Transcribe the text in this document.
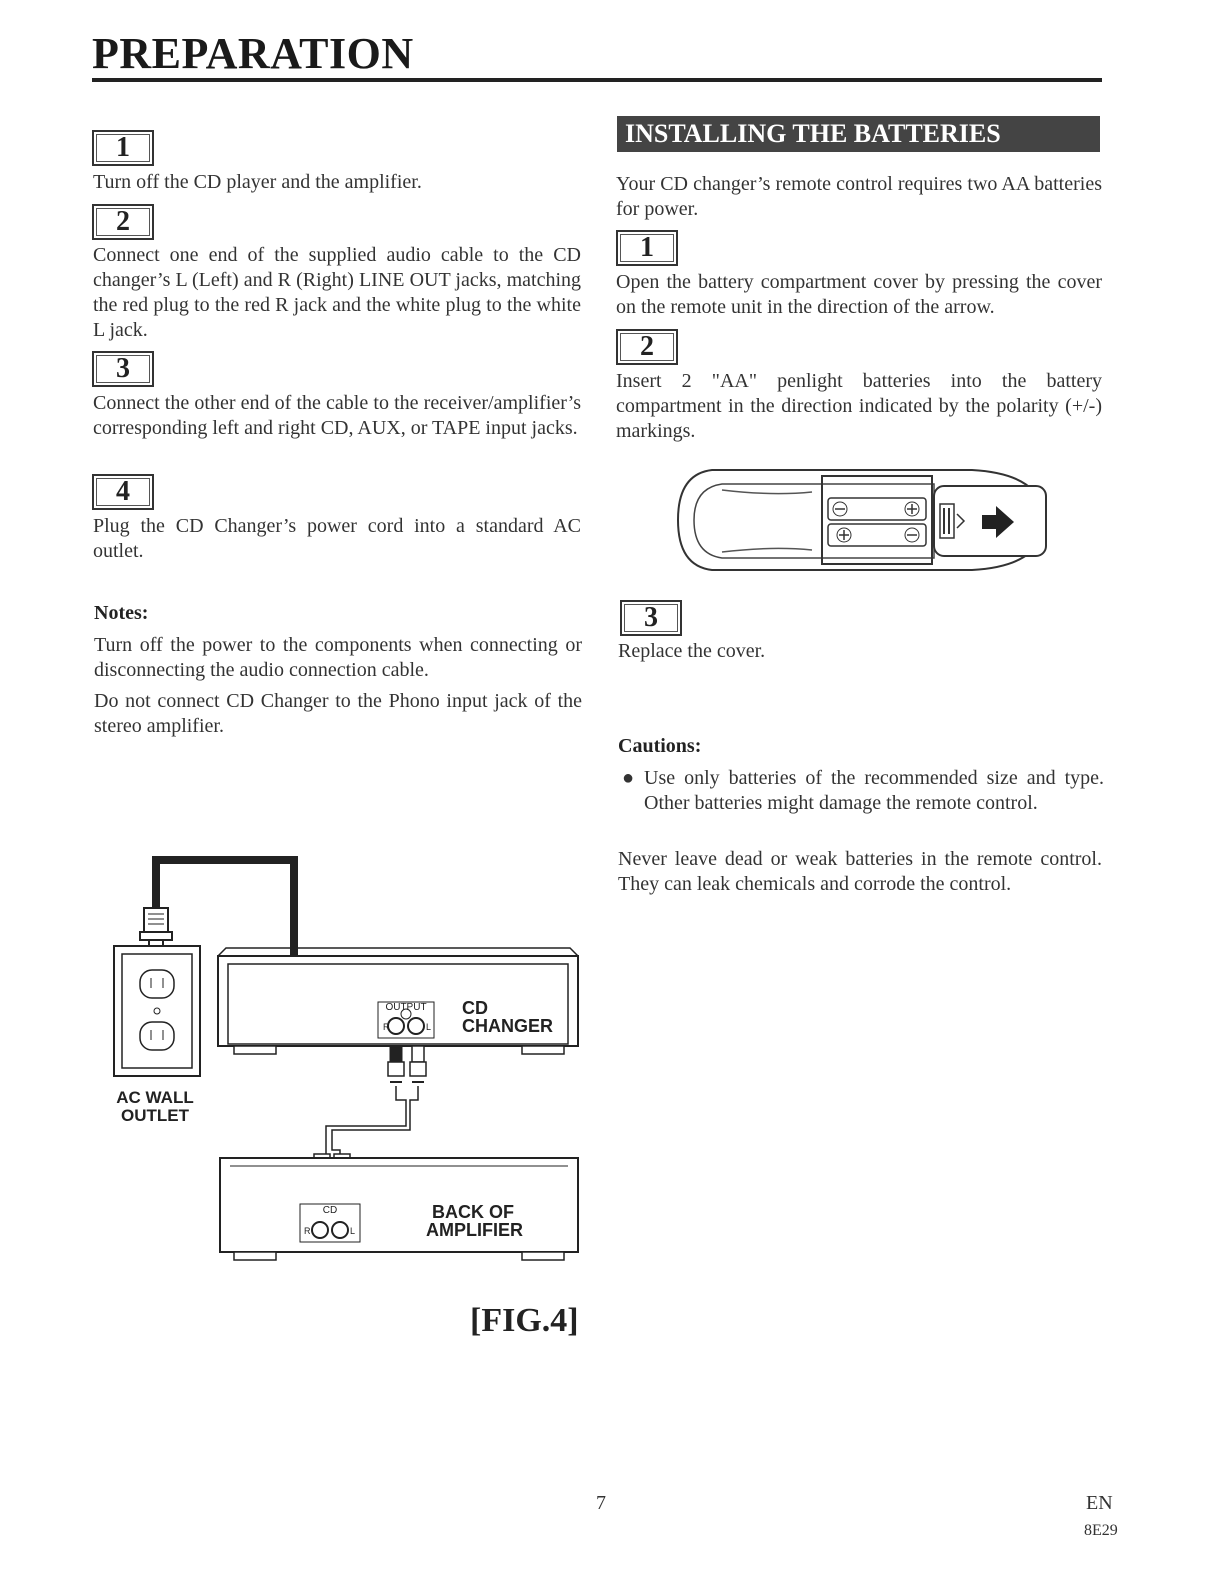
PREPARATION
1
Turn off the CD player and the amplifier.
2
Connect one end of the supplied audio cable to the CD changer’s L (Left) and R (Right) LINE OUT jacks, matching the red plug to the red R jack and the white plug to the white L jack.
3
Connect the other end of the cable to the receiver/amplifier’s corresponding left and right CD, AUX, or TAPE input jacks.
4
Plug the CD Changer’s power cord into a standard AC outlet.
Notes:
Turn off the power to the components when connecting or disconnecting the audio connection cable.
Do not connect CD Changer to the Phono input jack of the stereo amplifier.
INSTALLING THE BATTERIES
Your CD changer’s remote control requires two AA batteries for power.
1
Open the battery compartment cover by pressing the cover on the remote unit in the direction of the arrow.
2
Insert 2 "AA" penlight batteries into the battery compartment in the direction indicated by the polarity (+/-) markings.
3
Replace the cover.
Cautions:
● Use only batteries of the recommended size and type. Other batteries might damage the remote control.
Never leave dead or weak batteries in the remote control. They can leak chemicals and corrode the control.
AC WALL
OUTLET
OUTPUT
R	L
CD
CHANGER
CD
R	L
BACK OF
AMPLIFIER
[FIG.4]
7	EN
8E29
